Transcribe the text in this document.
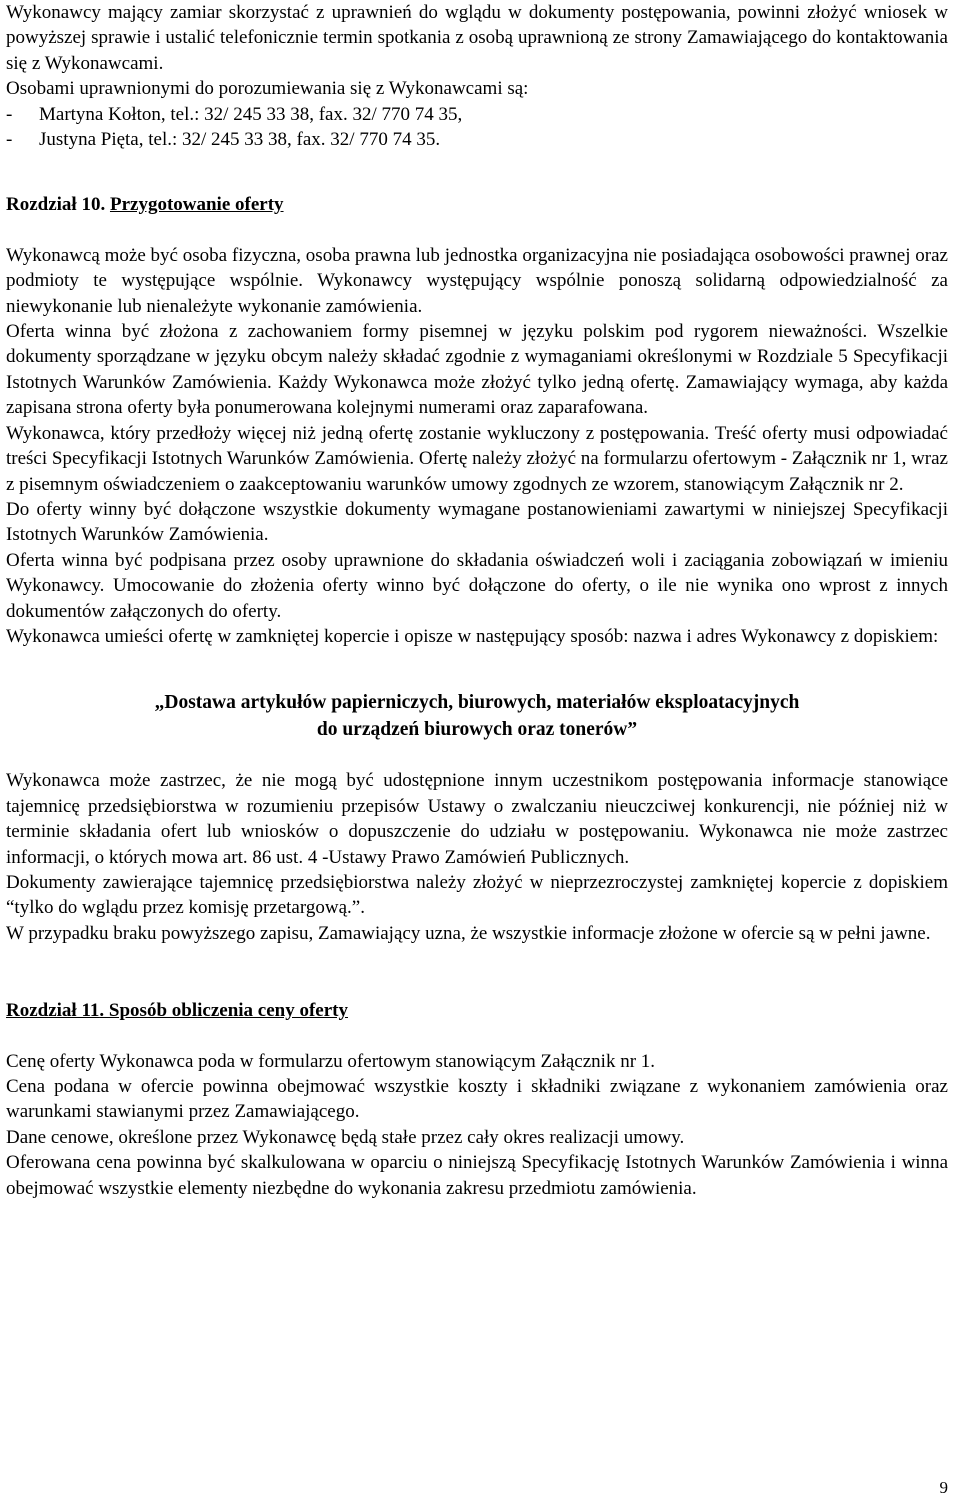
Wykonawcy mający zamiar skorzystać z uprawnień do wglądu w dokumenty postępowania, powinni złożyć wniosek w powyższej sprawie i ustalić telefonicznie termin spotkania z osobą uprawnioną ze strony Zamawiającego do kontaktowania się z Wykonawcami.

Osobami uprawnionymi do porozumiewania się z Wykonawcami są:

- Martyna Kołton, tel.: 32/ 245 33 38, fax. 32/ 770 74 35,
- Justyna Pięta, tel.: 32/ 245 33 38, fax. 32/ 770 74 35.

Rozdział 10. Przygotowanie oferty

Wykonawcą może być osoba fizyczna, osoba prawna lub jednostka organizacyjna nie posiadająca osobowości prawnej oraz podmioty te występujące wspólnie. Wykonawcy występujący wspólnie ponoszą solidarną odpowiedzialność za niewykonanie lub nienależyte wykonanie zamówienia.

Oferta winna być złożona z zachowaniem formy pisemnej w języku polskim pod rygorem nieważności. Wszelkie dokumenty sporządzane w języku obcym należy składać zgodnie z wymaganiami określonymi w Rozdziale 5 Specyfikacji Istotnych Warunków Zamówienia. Każdy Wykonawca może złożyć tylko jedną ofertę. Zamawiający wymaga, aby każda zapisana strona oferty była ponumerowana kolejnymi numerami oraz zaparafowana.

Wykonawca, który przedłoży więcej niż jedną ofertę zostanie wykluczony z postępowania. Treść oferty musi odpowiadać treści Specyfikacji Istotnych Warunków Zamówienia. Ofertę należy złożyć na formularzu ofertowym - Załącznik nr 1, wraz z pisemnym oświadczeniem o zaakceptowaniu warunków umowy zgodnych ze wzorem, stanowiącym Załącznik nr 2.

Do oferty winny być dołączone wszystkie dokumenty wymagane postanowieniami zawartymi w niniejszej Specyfikacji Istotnych Warunków Zamówienia.

Oferta winna być podpisana przez osoby uprawnione do składania oświadczeń woli i zaciągania zobowiązań w imieniu Wykonawcy. Umocowanie do złożenia oferty winno być dołączone do oferty, o ile nie wynika ono wprost z innych dokumentów załączonych do oferty.

Wykonawca umieści ofertę w zamkniętej kopercie i opisze w następujący sposób: nazwa i adres Wykonawcy z dopiskiem:

„Dostawa artykułów papierniczych, biurowych, materiałów eksploatacyjnych

do urządzeń biurowych oraz tonerów”

Wykonawca może zastrzec, że nie mogą być udostępnione innym uczestnikom postępowania informacje stanowiące tajemnicę przedsiębiorstwa w rozumieniu przepisów Ustawy o zwalczaniu nieuczciwej konkurencji, nie później niż w terminie składania ofert lub wniosków o dopuszczenie do udziału w postępowaniu. Wykonawca nie może zastrzec informacji, o których mowa art. 86 ust. 4 -Ustawy Prawo Zamówień Publicznych.

Dokumenty zawierające tajemnicę przedsiębiorstwa należy złożyć w nieprzezroczystej zamkniętej kopercie z dopiskiem “tylko do wglądu przez komisję przetargową.”.

W przypadku braku powyższego zapisu, Zamawiający uzna, że wszystkie informacje złożone w ofercie są w pełni jawne.

Rozdział 11. Sposób obliczenia ceny oferty

Cenę oferty Wykonawca poda w formularzu ofertowym stanowiącym Załącznik nr 1.

Cena podana w ofercie powinna obejmować wszystkie koszty i składniki związane z wykonaniem zamówienia oraz warunkami stawianymi przez Zamawiającego.

Dane cenowe, określone przez Wykonawcę będą stałe przez cały okres realizacji umowy.

Oferowana cena powinna być skalkulowana w oparciu o niniejszą Specyfikację Istotnych Warunków Zamówienia i winna obejmować wszystkie elementy niezbędne do wykonania zakresu przedmiotu zamówienia.

9
